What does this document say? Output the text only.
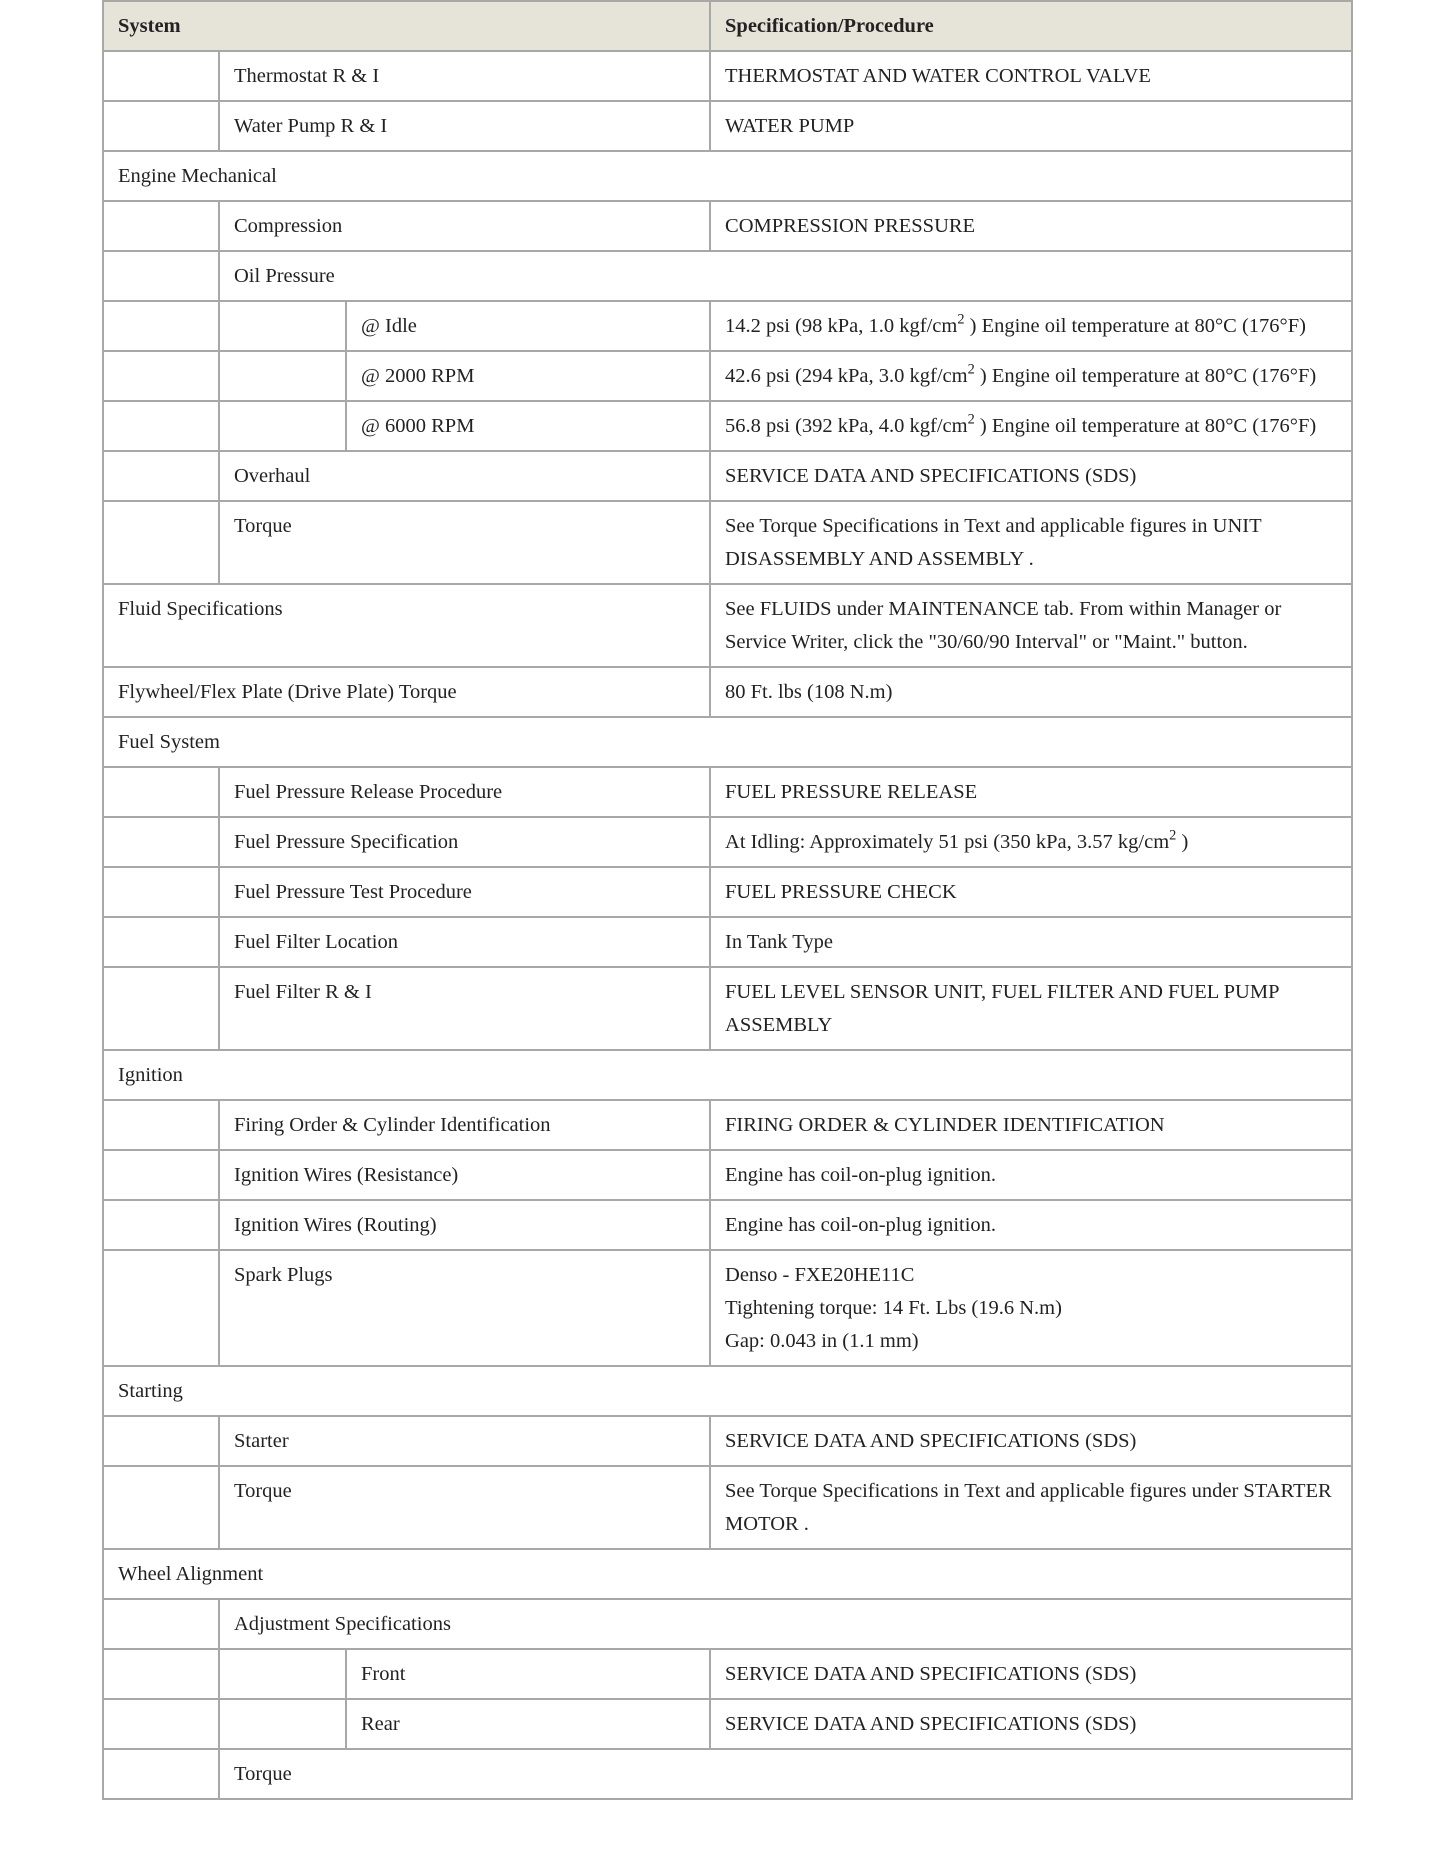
System			Specification/Procedure
	Thermostat R & I		THERMOSTAT AND WATER CONTROL VALVE
	Water Pump R & I		WATER PUMP
Engine Mechanical			
	Compression		COMPRESSION PRESSURE
	Oil Pressure		
		@ Idle	14.2 psi (98 kPa, 1.0 kgf/$cm^2$ ) Engine oil temperature at 80°C (176°F)
		@ 2000 RPM	42.6 psi (294 kPa, 3.0 kgf/$cm^2$ ) Engine oil temperature at 80°C (176°F)
		@ 6000 RPM	56.8 psi (392 kPa, 4.0 kgf/$cm^2$ ) Engine oil temperature at 80°C (176°F)
	Overhaul		SERVICE DATA AND SPECIFICATIONS (SDS)
	Torque		See Torque Specifications in Text and applicable figures in UNIT DISASSEMBLY AND ASSEMBLY .
Fluid Specifications			See FLUIDS under MAINTENANCE tab. From within Manager or Service Writer, click the "30/60/90 Interval" or "Maint." button.
Flywheel/Flex Plate (Drive Plate) Torque			80 Ft. lbs (108 N.m)
Fuel System			
	Fuel Pressure Release Procedure		FUEL PRESSURE RELEASE
	Fuel Pressure Specification		At Idling: Approximately 51 psi (350 kPa, 3.57 $kg/cm^2$ )
	Fuel Pressure Test Procedure		FUEL PRESSURE CHECK
	Fuel Filter Location		In Tank Type
	Fuel Filter R & I		FUEL LEVEL SENSOR UNIT, FUEL FILTER AND FUEL PUMP ASSEMBLY
Ignition			
	Firing Order & Cylinder Identification		FIRING ORDER & CYLINDER IDENTIFICATION
	Ignition Wires (Resistance)		Engine has coil-on-plug ignition.
	Ignition Wires (Routing)		Engine has coil-on-plug ignition.
	Spark Plugs		Denso - FXE20HE11C
Tightening torque: 14 Ft. Lbs (19.6 N.m)
Gap: 0.043 in (1.1 mm)

Starting			
	Starter		SERVICE DATA AND SPECIFICATIONS (SDS)
	Torque		See Torque Specifications in Text and applicable figures under STARTER MOTOR .
Wheel Alignment			
	Adjustment Specifications		
		Front	SERVICE DATA AND SPECIFICATIONS (SDS)
		Rear	SERVICE DATA AND SPECIFICATIONS (SDS)
	Torque		
